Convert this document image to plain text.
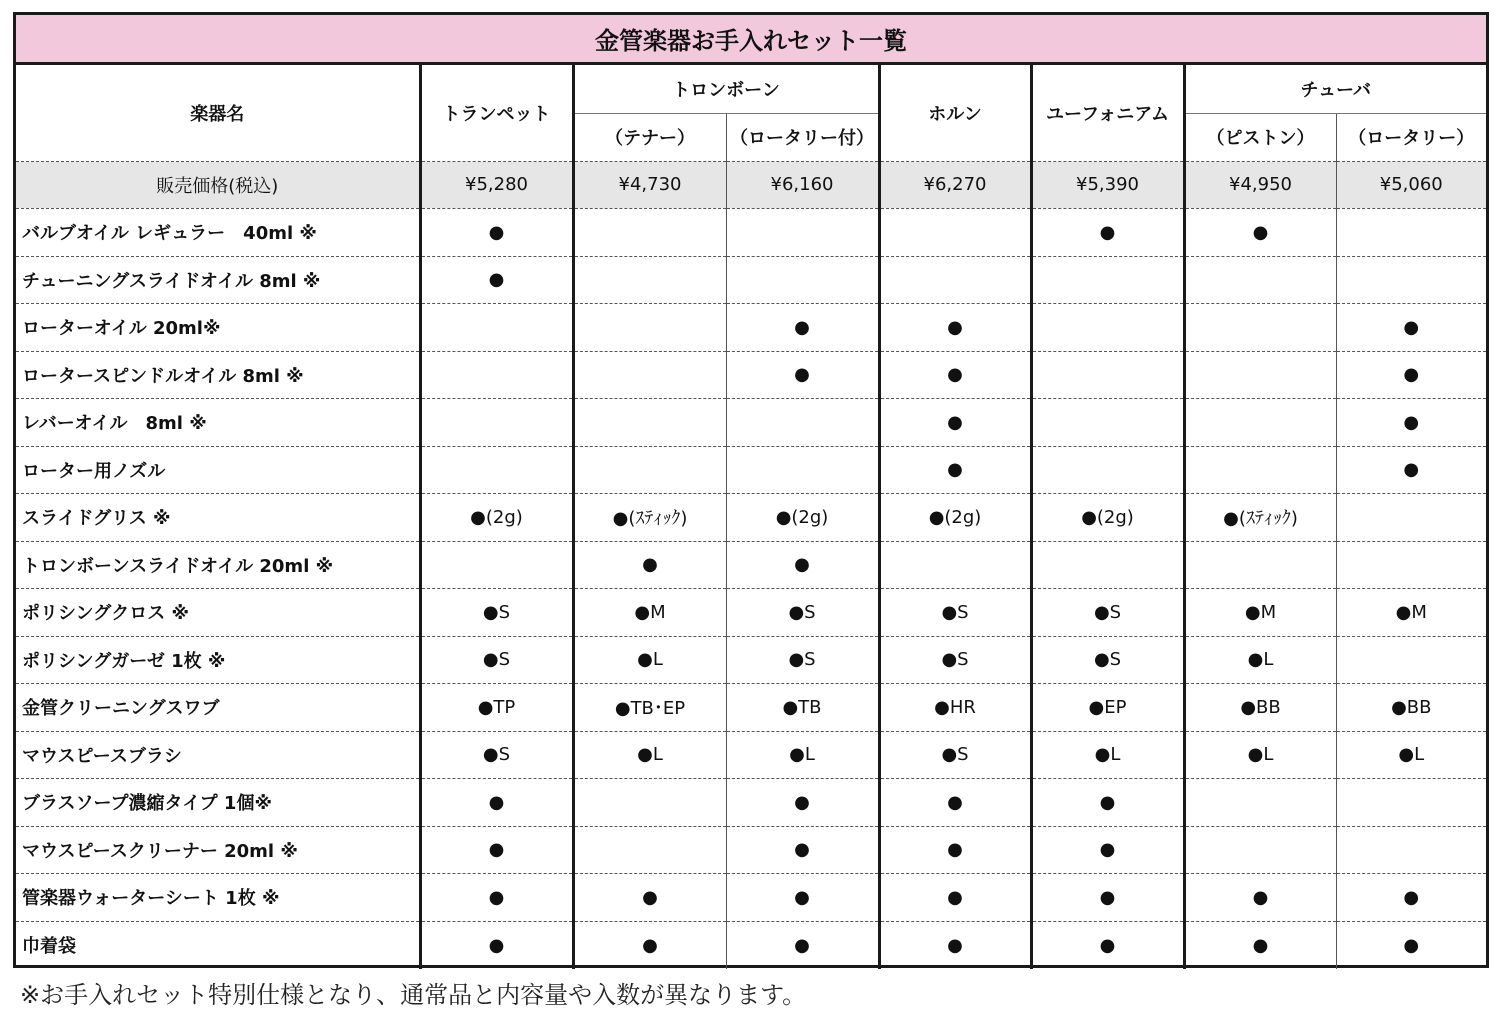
金管楽器お手入れセット一覧
楽器名	トランペット	トロンボーン		ホルン	ユーフォニアム	チューバ	
		（テナー）	（ロータリー付）			（ピストン）	（ロータリー）
販売価格(税込)	¥5,280	¥4,730	¥6,160	¥6,270	¥5,390	¥4,950	¥5,060
バルブオイル レギュラー　40ml ※	●				●	●	
チューニングスライドオイル 8ml ※	●						
ローターオイル 20ml※			●	●			●
ロータースピンドルオイル 8ml ※			●	●			●
レバーオイル　8ml ※				●			●
ローター用ノズル				●			●
スライドグリス ※	●(2g)	●(ｽﾃｨｯｸ)	●(2g)	●(2g)	●(2g)	●(ｽﾃｨｯｸ)	
トロンボーンスライドオイル 20ml ※		●	●				
ポリシングクロス ※	●S	●M	●S	●S	●S	●M	●M
ポリシングガーゼ 1枚 ※	●S	●L	●S	●S	●S	●L	
金管クリーニングスワブ	●TP	●TB･EP	●TB	●HR	●EP	●BB	●BB
マウスピースブラシ	●S	●L	●L	●S	●L	●L	●L
ブラスソープ濃縮タイプ 1個※	●		●	●	●		
マウスピースクリーナー 20ml ※	●		●	●	●		
管楽器ウォーターシート 1枚 ※	●	●	●	●	●	●	●
巾着袋	●	●	●	●	●	●	●
※お手入れセット特別仕様となり、通常品と内容量や入数が異なります。
